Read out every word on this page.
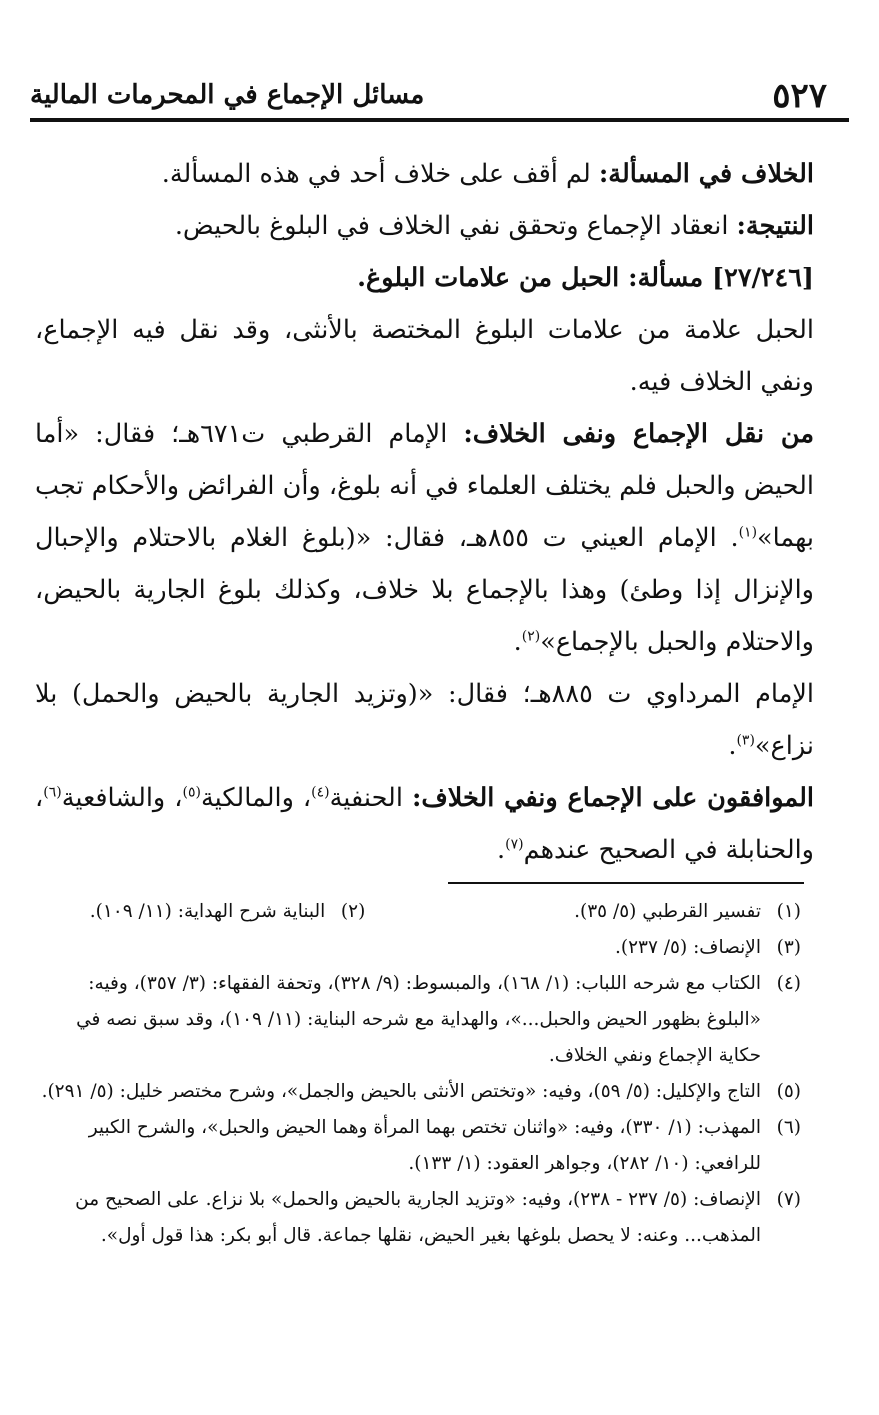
٥٢٧
مسائل الإجماع في المحرمات المالية

الخلاف في المسألة: لم أقف على خلاف أحد في هذه المسألة.

النتيجة: انعقاد الإجماع وتحقق نفي الخلاف في البلوغ بالحيض.

[٢٧/٢٤٦] مسألة: الحبل من علامات البلوغ.

الحبل علامة من علامات البلوغ المختصة بالأنثى، وقد نقل فيه الإجماع، ونفي الخلاف فيه.

من نقل الإجماع ونفى الخلاف: الإمام القرطبي ت٦٧١هـ؛ فقال: «أما الحيض والحبل فلم يختلف العلماء في أنه بلوغ، وأن الفرائض والأحكام تجب بهما»$^{(١)}$. الإمام العيني ت ٨٥٥هـ، فقال: «(بلوغ الغلام بالاحتلام والإحبال والإنزال إذا وطئ) وهذا بالإجماع بلا خلاف، وكذلك بلوغ الجارية بالحيض، والاحتلام والحبل بالإجماع»$^{(٢)}$.

الإمام المرداوي ت ٨٨٥هـ؛ فقال: «(وتزيد الجارية بالحيض والحمل) بلا نزاع»$^{(٣)}$.

الموافقون على الإجماع ونفي الخلاف: الحنفية$^{(٤)}$، والمالكية$^{(٥)}$، والشافعية$^{(٦)}$، والحنابلة في الصحيح عندهم$^{(٧)}$.

(١)
تفسير القرطبي (٥/ ٣٥).

(٢)
البناية شرح الهداية: (١١/ ١٠٩).

(٣)
الإنصاف: (٥/ ٢٣٧).

(٤)
الكتاب مع شرحه اللباب: (١/ ١٦٨)، والمبسوط: (٩/ ٣٢٨)، وتحفة الفقهاء: (٣/ ٣٥٧)، وفيه: «البلوغ بظهور الحيض والحبل...»، والهداية مع شرحه البناية: (١١/ ١٠٩)، وقد سبق نصه في حكاية الإجماع ونفي الخلاف.

(٥)
التاج والإكليل: (٥/ ٥٩)، وفيه: «وتختص الأنثى بالحيض والجمل»، وشرح مختصر خليل: (٥/ ٢٩١).

(٦)
المهذب: (١/ ٣٣٠)، وفيه: «واثنان تختص بهما المرأة وهما الحيض والحبل»، والشرح الكبير للرافعي: (١٠/ ٢٨٢)، وجواهر العقود: (١/ ١٣٣).

(٧)
الإنصاف: (٥/ ٢٣٧ - ٢٣٨)، وفيه: «وتزيد الجارية بالحيض والحمل» بلا نزاع. على الصحيح من المذهب... وعنه: لا يحصل بلوغها بغير الحيض، نقلها جماعة. قال أبو بكر: هذا قول أول».
